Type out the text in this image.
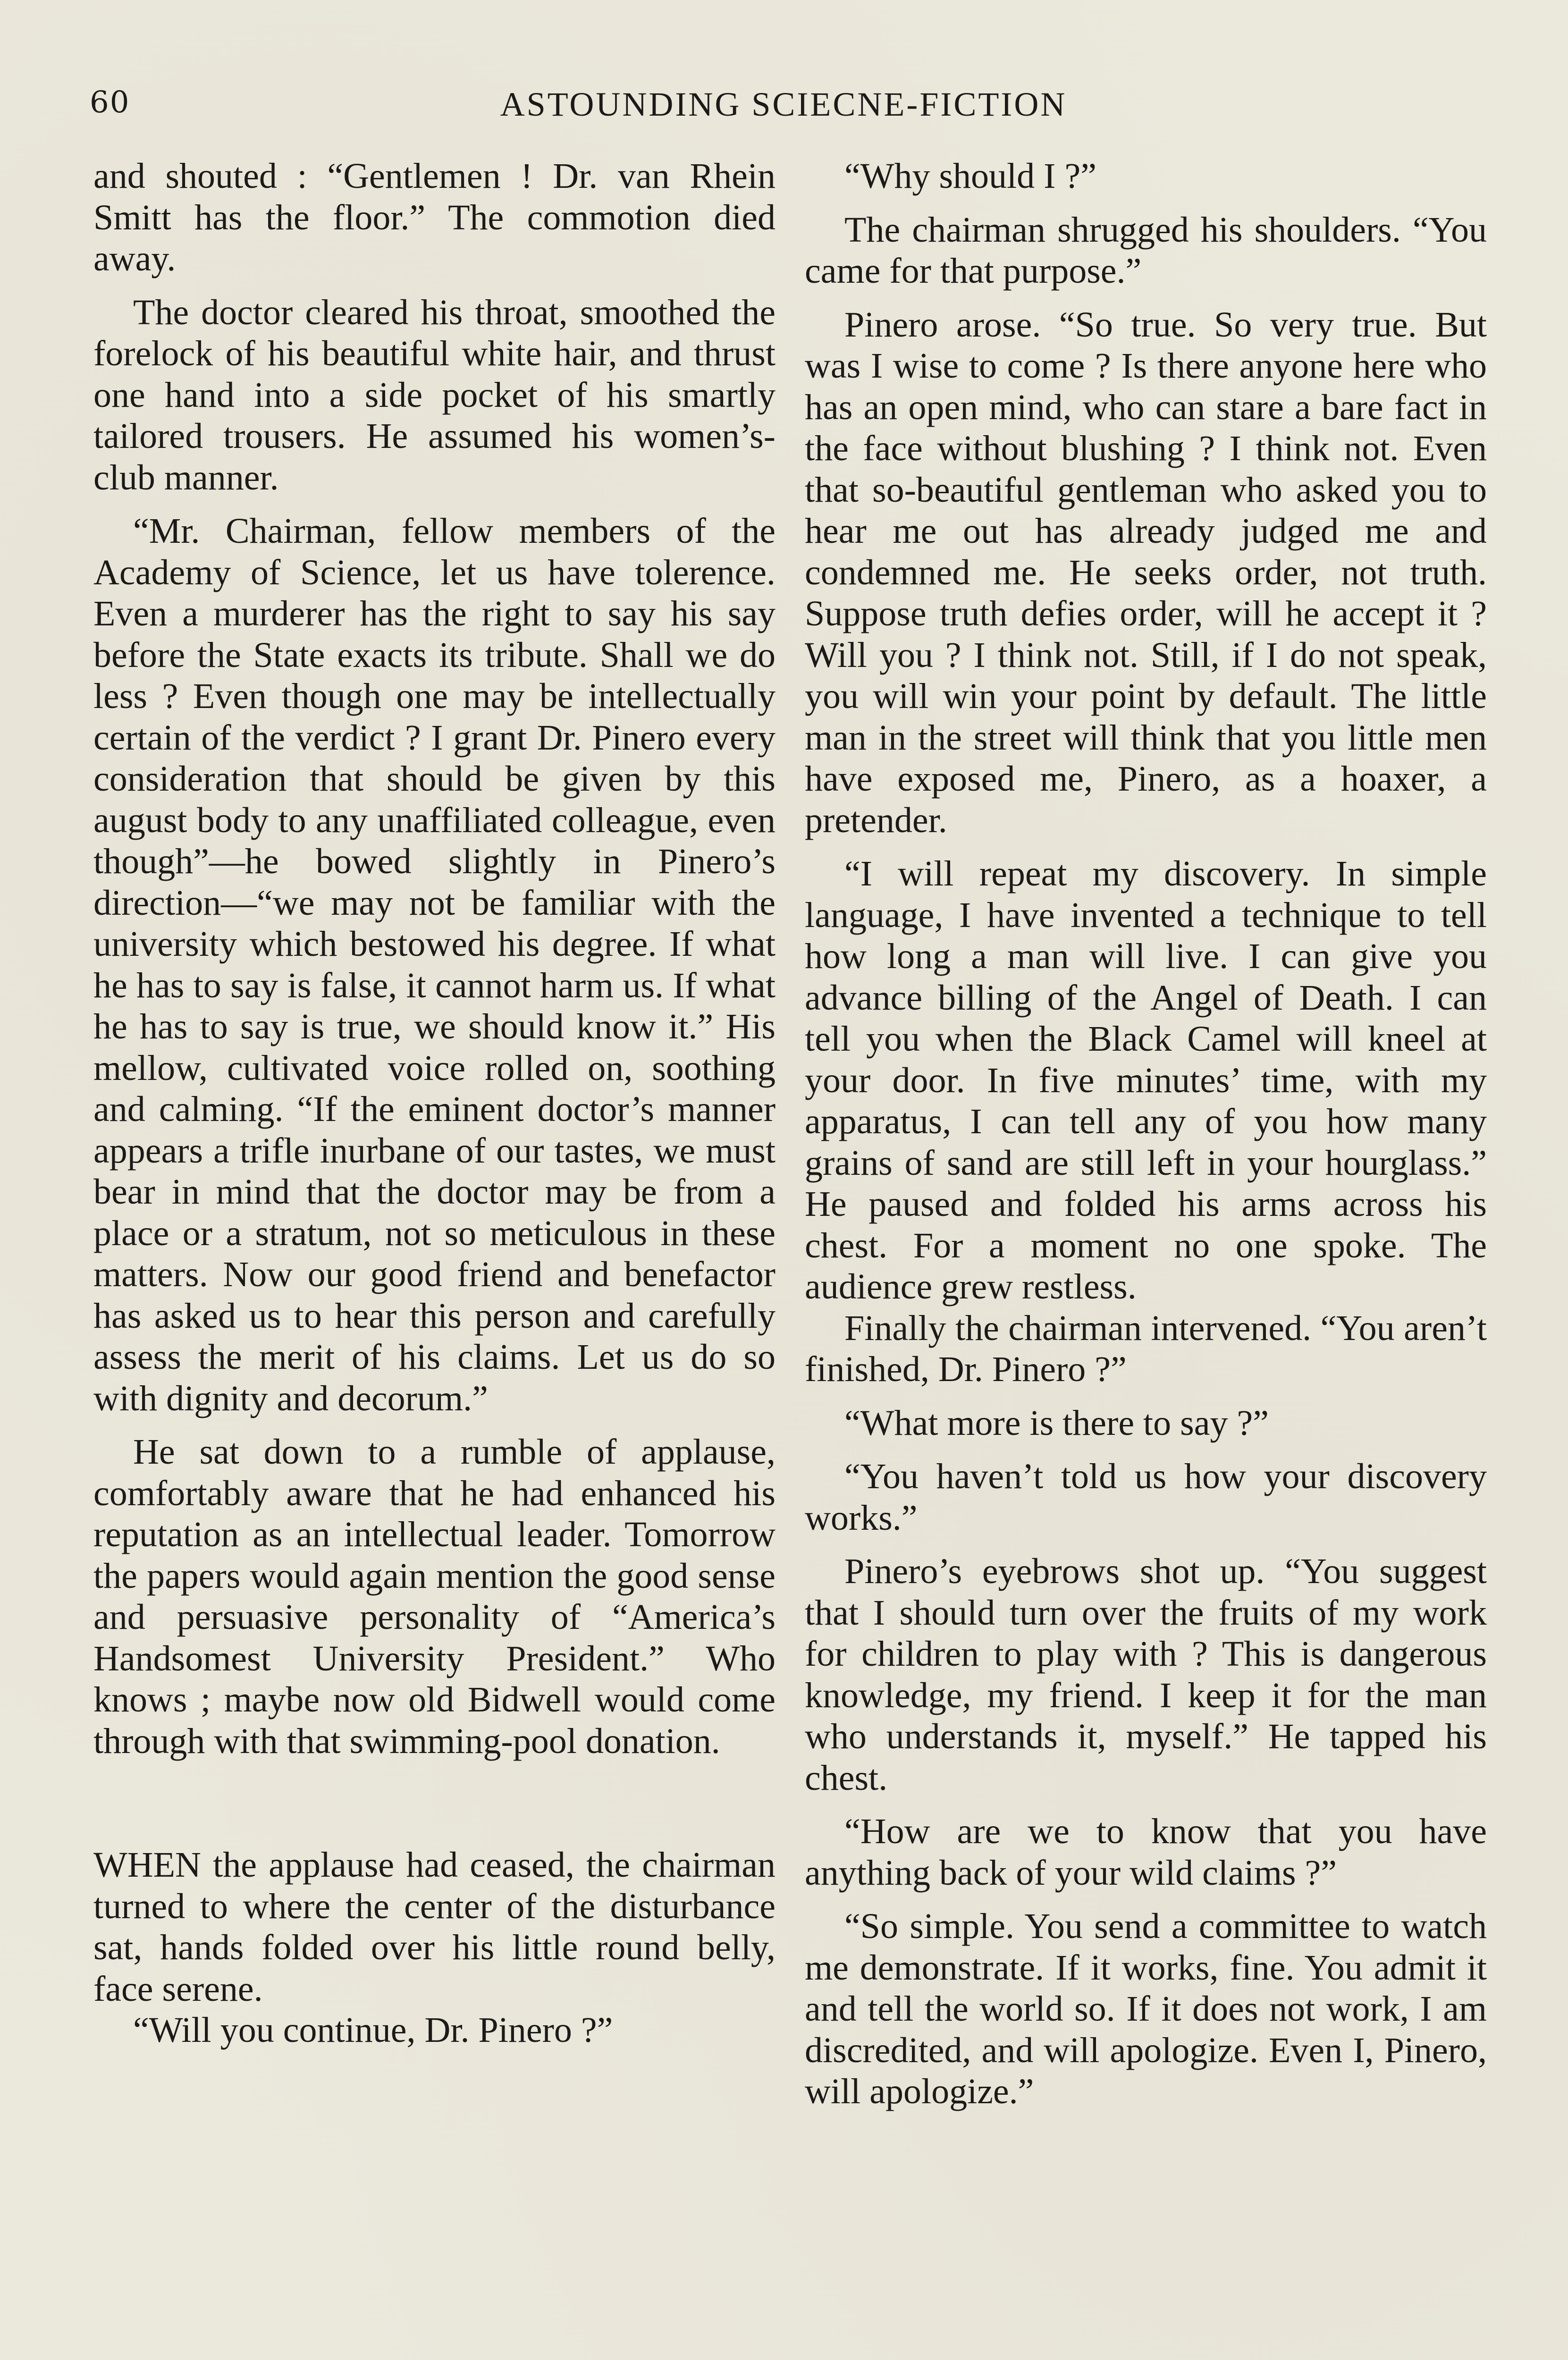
60	ASTOUNDING SCIECNE-FICTION

and shouted : “Gentlemen ! Dr. van Rhein Smitt has the floor.” The commotion died away.

The doctor cleared his throat, smoothed the forelock of his beautiful white hair, and thrust one hand into a side pocket of his smartly tailored trousers. He assumed his women’s-club manner.

“Mr. Chairman, fellow members of the Academy of Science, let us have tolerence. Even a murderer has the right to say his say before the State exacts its tribute. Shall we do less ? Even though one may be intellectually certain of the verdict ? I grant Dr. Pinero every consideration that should be given by this august body to any unaffiliated colleague, even though”—he bowed slightly in Pinero’s direction—“we may not be familiar with the university which bestowed his degree. If what he has to say is false, it cannot harm us. If what he has to say is true, we should know it.” His mellow, cultivated voice rolled on, soothing and calming. “If the eminent doctor’s manner appears a trifle inurbane of our tastes, we must bear in mind that the doctor may be from a place or a stratum, not so meticulous in these matters. Now our good friend and benefactor has asked us to hear this person and carefully assess the merit of his claims. Let us do so with dignity and decorum.”

He sat down to a rumble of applause, comfortably aware that he had enhanced his reputation as an intellectual leader. Tomorrow the papers would again mention the good sense and persuasive personality of “America’s Handsomest University President.” Who knows ; maybe now old Bidwell would come through with that swimming-pool donation.

WHEN the applause had ceased, the chairman turned to where the center of the disturbance sat, hands folded over his little round belly, face serene.

“Will you continue, Dr. Pinero ?”

“Why should I ?”

The chairman shrugged his shoulders. “You came for that purpose.”

Pinero arose. “So true. So very true. But was I wise to come ? Is there anyone here who has an open mind, who can stare a bare fact in the face without blushing ? I think not. Even that so-beautiful gentleman who asked you to hear me out has already judged me and condemned me. He seeks order, not truth. Suppose truth defies order, will he accept it ? Will you ? I think not. Still, if I do not speak, you will win your point by default. The little man in the street will think that you little men have exposed me, Pinero, as a hoaxer, a pretender.

“I will repeat my discovery. In simple language, I have invented a technique to tell how long a man will live. I can give you advance billing of the Angel of Death. I can tell you when the Black Camel will kneel at your door. In five minutes’ time, with my apparatus, I can tell any of you how many grains of sand are still left in your hourglass.” He paused and folded his arms across his chest. For a moment no one spoke. The audience grew restless.

Finally the chairman intervened. “You aren’t finished, Dr. Pinero ?”

“What more is there to say ?”

“You haven’t told us how your discovery works.”

Pinero’s eyebrows shot up. “You suggest that I should turn over the fruits of my work for children to play with ? This is dangerous knowledge, my friend. I keep it for the man who understands it, myself.” He tapped his chest.

“How are we to know that you have anything back of your wild claims ?”

“So simple. You send a committee to watch me demonstrate. If it works, fine. You admit it and tell the world so. If it does not work, I am discredited, and will apologize. Even I, Pinero, will apologize.”
